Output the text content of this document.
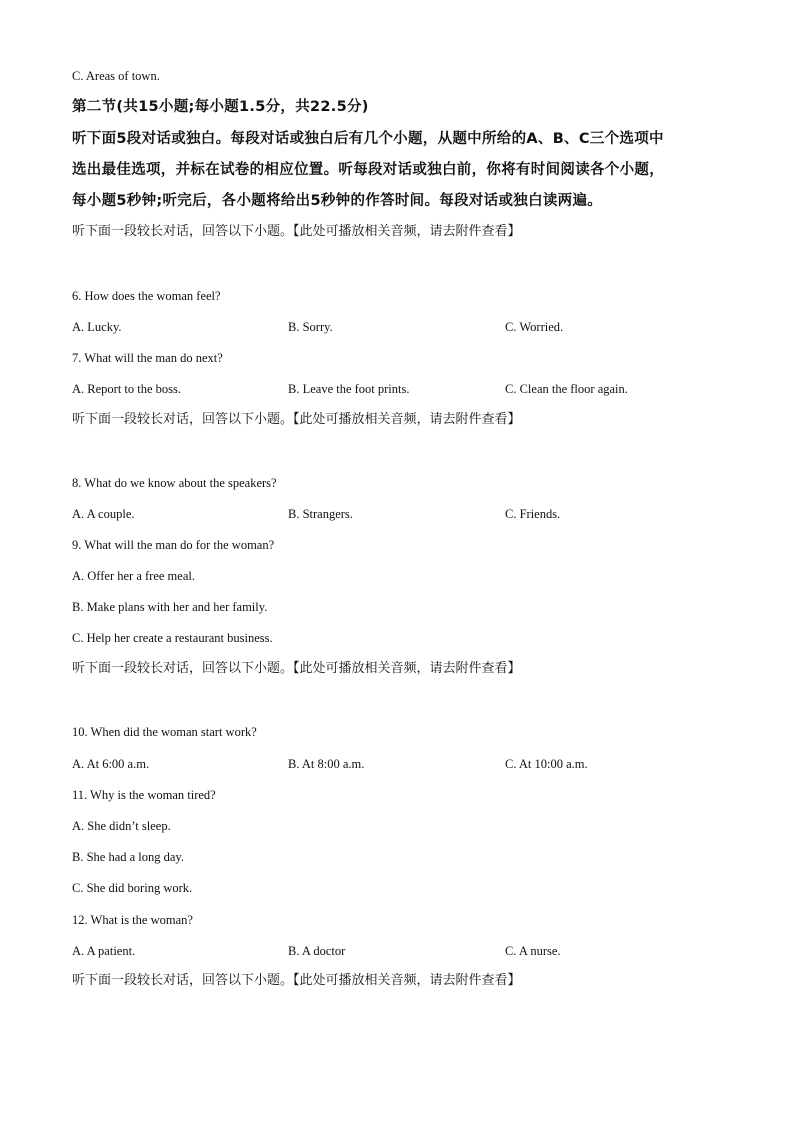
C. Areas of town.
第二节(共15小题;每小题1.5分，共22.5分)
听下面5段对话或独白。每段对话或独白后有几个小题，从题中所给的A、B、C三个选项中
选出最佳选项，并标在试卷的相应位置。听每段对话或独白前，你将有时间阅读各个小题，
每小题5秒钟;听完后，各小题将给出5秒钟的作答时间。每段对话或独白读两遍。
听下面一段较长对话，回答以下小题。【此处可播放相关音频，请去附件查看】
6. How does the woman feel?
A. Lucky.	B. Sorry.	C. Worried.
7. What will the man do next?
A. Report to the boss.	B. Leave the foot prints.	C. Clean the floor again.
听下面一段较长对话，回答以下小题。【此处可播放相关音频，请去附件查看】
8. What do we know about the speakers?
A. A couple.	B. Strangers.	C. Friends.
9. What will the man do for the woman?
A. Offer her a free meal.
B. Make plans with her and her family.
C. Help her create a restaurant business.
听下面一段较长对话，回答以下小题。【此处可播放相关音频，请去附件查看】
10. When did the woman start work?
A. At 6:00 a.m.	B. At 8:00 a.m.	C. At 10:00 a.m.
11. Why is the woman tired?
A. She didn’t sleep.
B. She had a long day.
C. She did boring work.
12. What is the woman?
A. A patient.	B. A doctor	C. A nurse.
听下面一段较长对话，回答以下小题。【此处可播放相关音频，请去附件查看】
